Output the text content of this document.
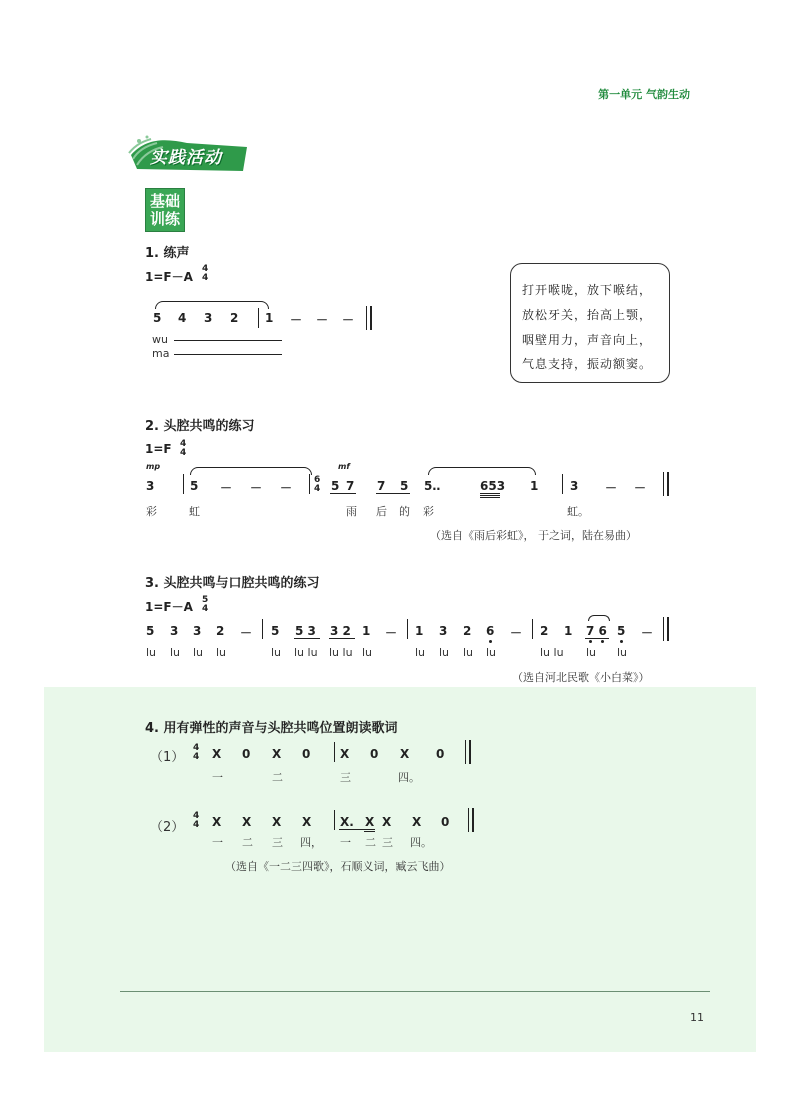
第一单元 气韵生动
实践活动
基础
训练
1. 练声
1=F－A
4
4
5 4 3 2 1 － － －
wu
ma
打开喉咙，放下喉结，
放松牙关，抬高上颚，
咽壁用力，声音向上，
气息支持，振动额窦。
2. 头腔共鸣的练习
1=F 4
4
mp
3	5 － － －
6
4
mf
5 7 7 5 5‥	653 1	3 － －
彩	虹	雨 后 的 彩	虹。
（选自《雨后彩虹》， 于之词，陆在易曲）
3. 头腔共鸣与口腔共鸣的练习
1=F－A 5
4
5 3 3 2 － 5 5 3 3 2 1 － 1 3 2 6 － 2 1 7 6 5 －
lu lu lu lu	lu lu lu lu lu lu	lu lu lu lu	lu lu lu lu
（选自河北民歌《小白菜》）
4. 用有弹性的声音与头腔共鸣位置朗读歌词
（1）
4
4 X 0 X 0 X 0 X 0
一	二	三	四。
（2）
4
4 X X X X X. X X X 0
一 二 三 四， 一 二 三 四。
（选自《一二三四歌》，石顺义词，臧云飞曲）
11
